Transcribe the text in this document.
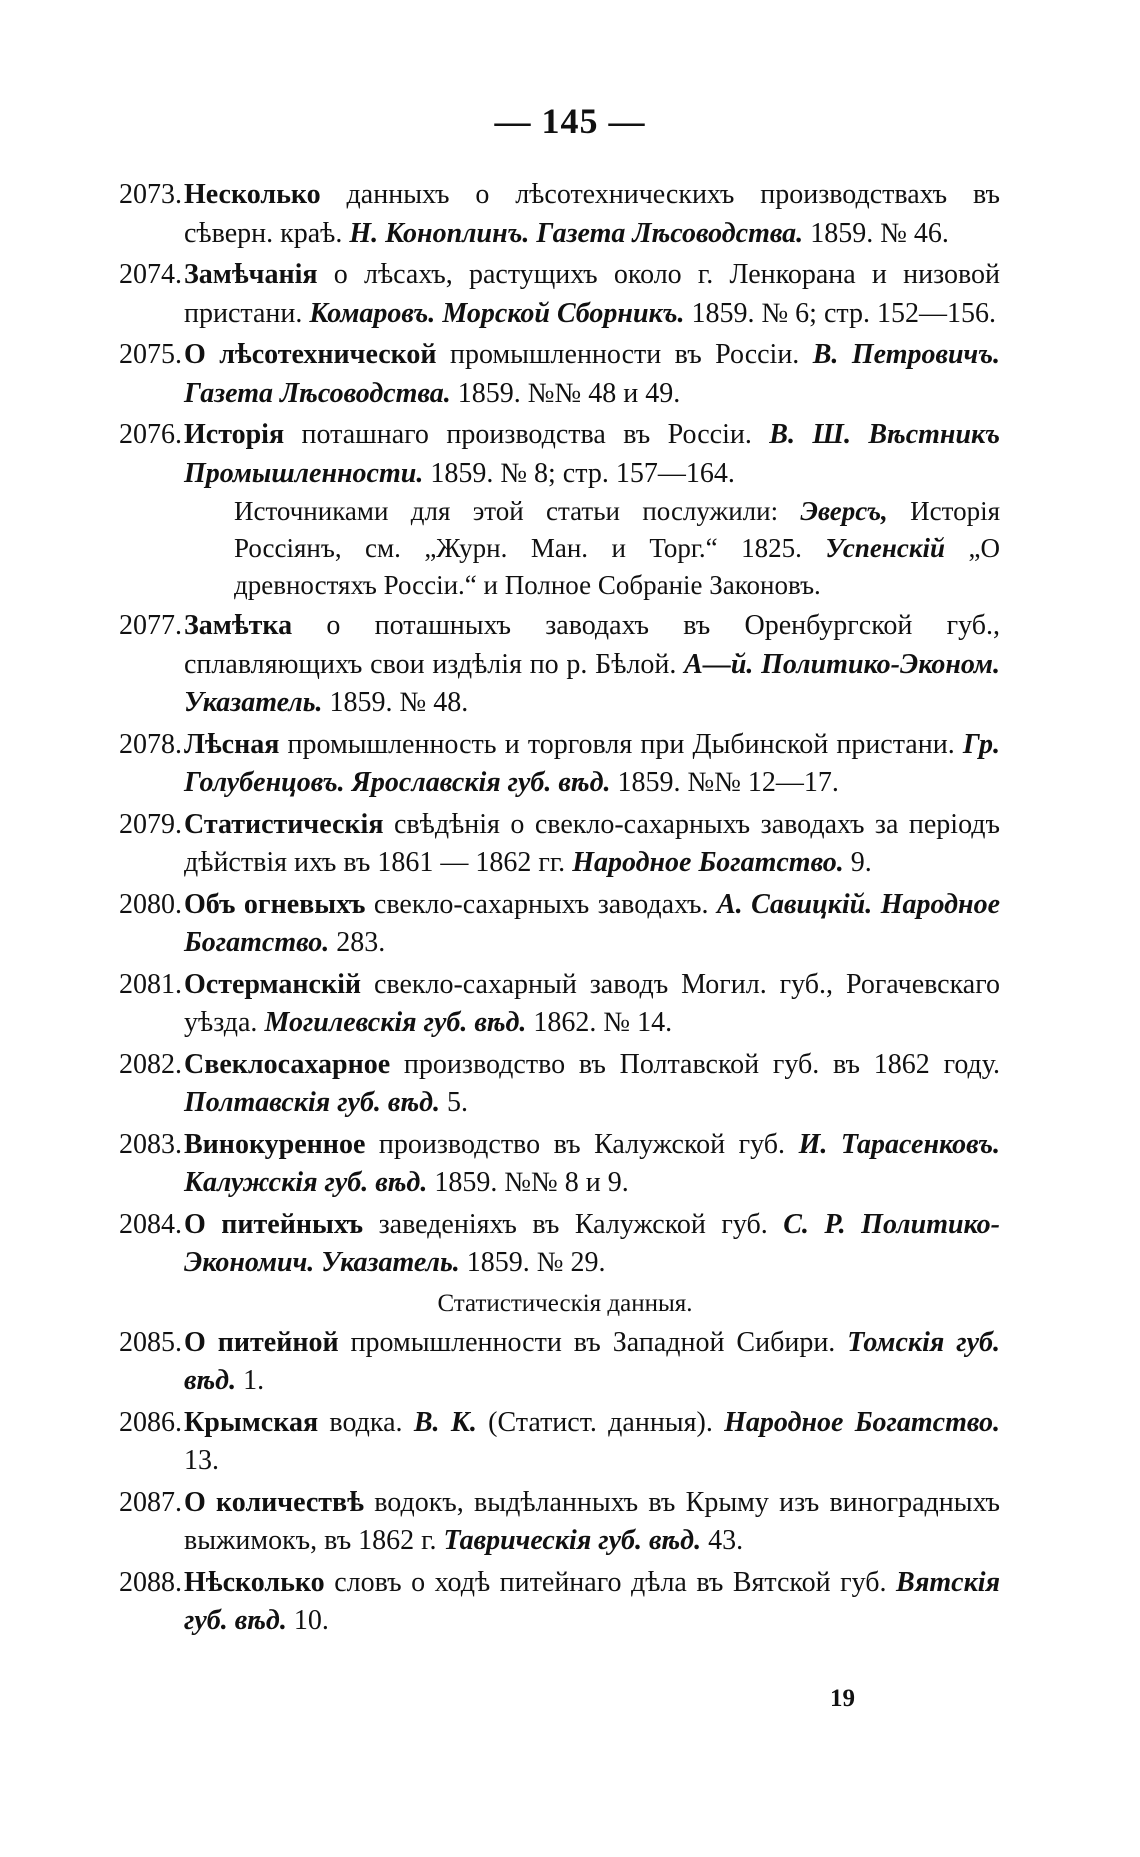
— 145 —
2073. Несколько данныхъ о лѣсотехническихъ производствахъ въ сѣверн. краѣ. Н. Коноплинъ. Газета Лѣсоводства. 1859. № 46.
2074. Замѣчанія о лѣсахъ, растущихъ около г. Ленкорана и низовой пристани. Комаровъ. Морской Сборникъ. 1859. № 6; стр. 152—156.
2075. О лѣсотехнической промышленности въ Россіи. В. Петровичъ. Газета Лѣсоводства. 1859. №№ 48 и 49.
2076. Исторія поташнаго производства въ Россіи. В. Ш. Вѣстникъ Промышленности. 1859. № 8; стр. 157—164.
Источниками для этой статьи послужили: Эверсъ, Исторія Россіянъ, см. „Журн. Ман. и Торг.“ 1825. Успенскій „О древностяхъ Россіи.“ и Полное Собраніе Законовъ.
2077. Замѣтка о поташныхъ заводахъ въ Оренбургской губ., сплавляющихъ свои издѣлія по р. Бѣлой. А—й. Политико-Эконом. Указатель. 1859. № 48.
2078. Лѣсная промышленность и торговля при Дыбинской пристани. Гр. Голубенцовъ. Ярославскія губ. вѣд. 1859. №№ 12—17.
2079. Статистическія свѣдѣнія о свекло-сахарныхъ заводахъ за періодъ дѣйствія ихъ въ 1861 — 1862 гг. Народное Богатство. 9.
2080. Объ огневыхъ свекло-сахарныхъ заводахъ. А. Савицкій. Народное Богатство. 283.
2081. Остерманскій свекло-сахарный заводъ Могил. губ., Рогачевскаго уѣзда. Могилевскія губ. вѣд. 1862. № 14.
2082. Свеклосахарное производство въ Полтавской губ. въ 1862 году. Полтавскія губ. вѣд. 5.
2083. Винокуренное производство въ Калужской губ. И. Тарасенковъ. Калужскія губ. вѣд. 1859. №№ 8 и 9.
2084. О питейныхъ заведеніяхъ въ Калужской губ. С. Р. Политико-Экономич. Указатель. 1859. № 29.
Статистическія данныя.
2085. О питейной промышленности въ Западной Сибири. Томскія губ. вѣд. 1.
2086. Крымская водка. В. К. (Статист. данныя). Народное Богатство. 13.
2087. О количествѣ водокъ, выдѣланныхъ въ Крыму изъ виноградныхъ выжимокъ, въ 1862 г. Таврическія губ. вѣд. 43.
2088. Нѣсколько словъ о ходѣ питейнаго дѣла въ Вятской губ. Вятскія губ. вѣд. 10.
19
